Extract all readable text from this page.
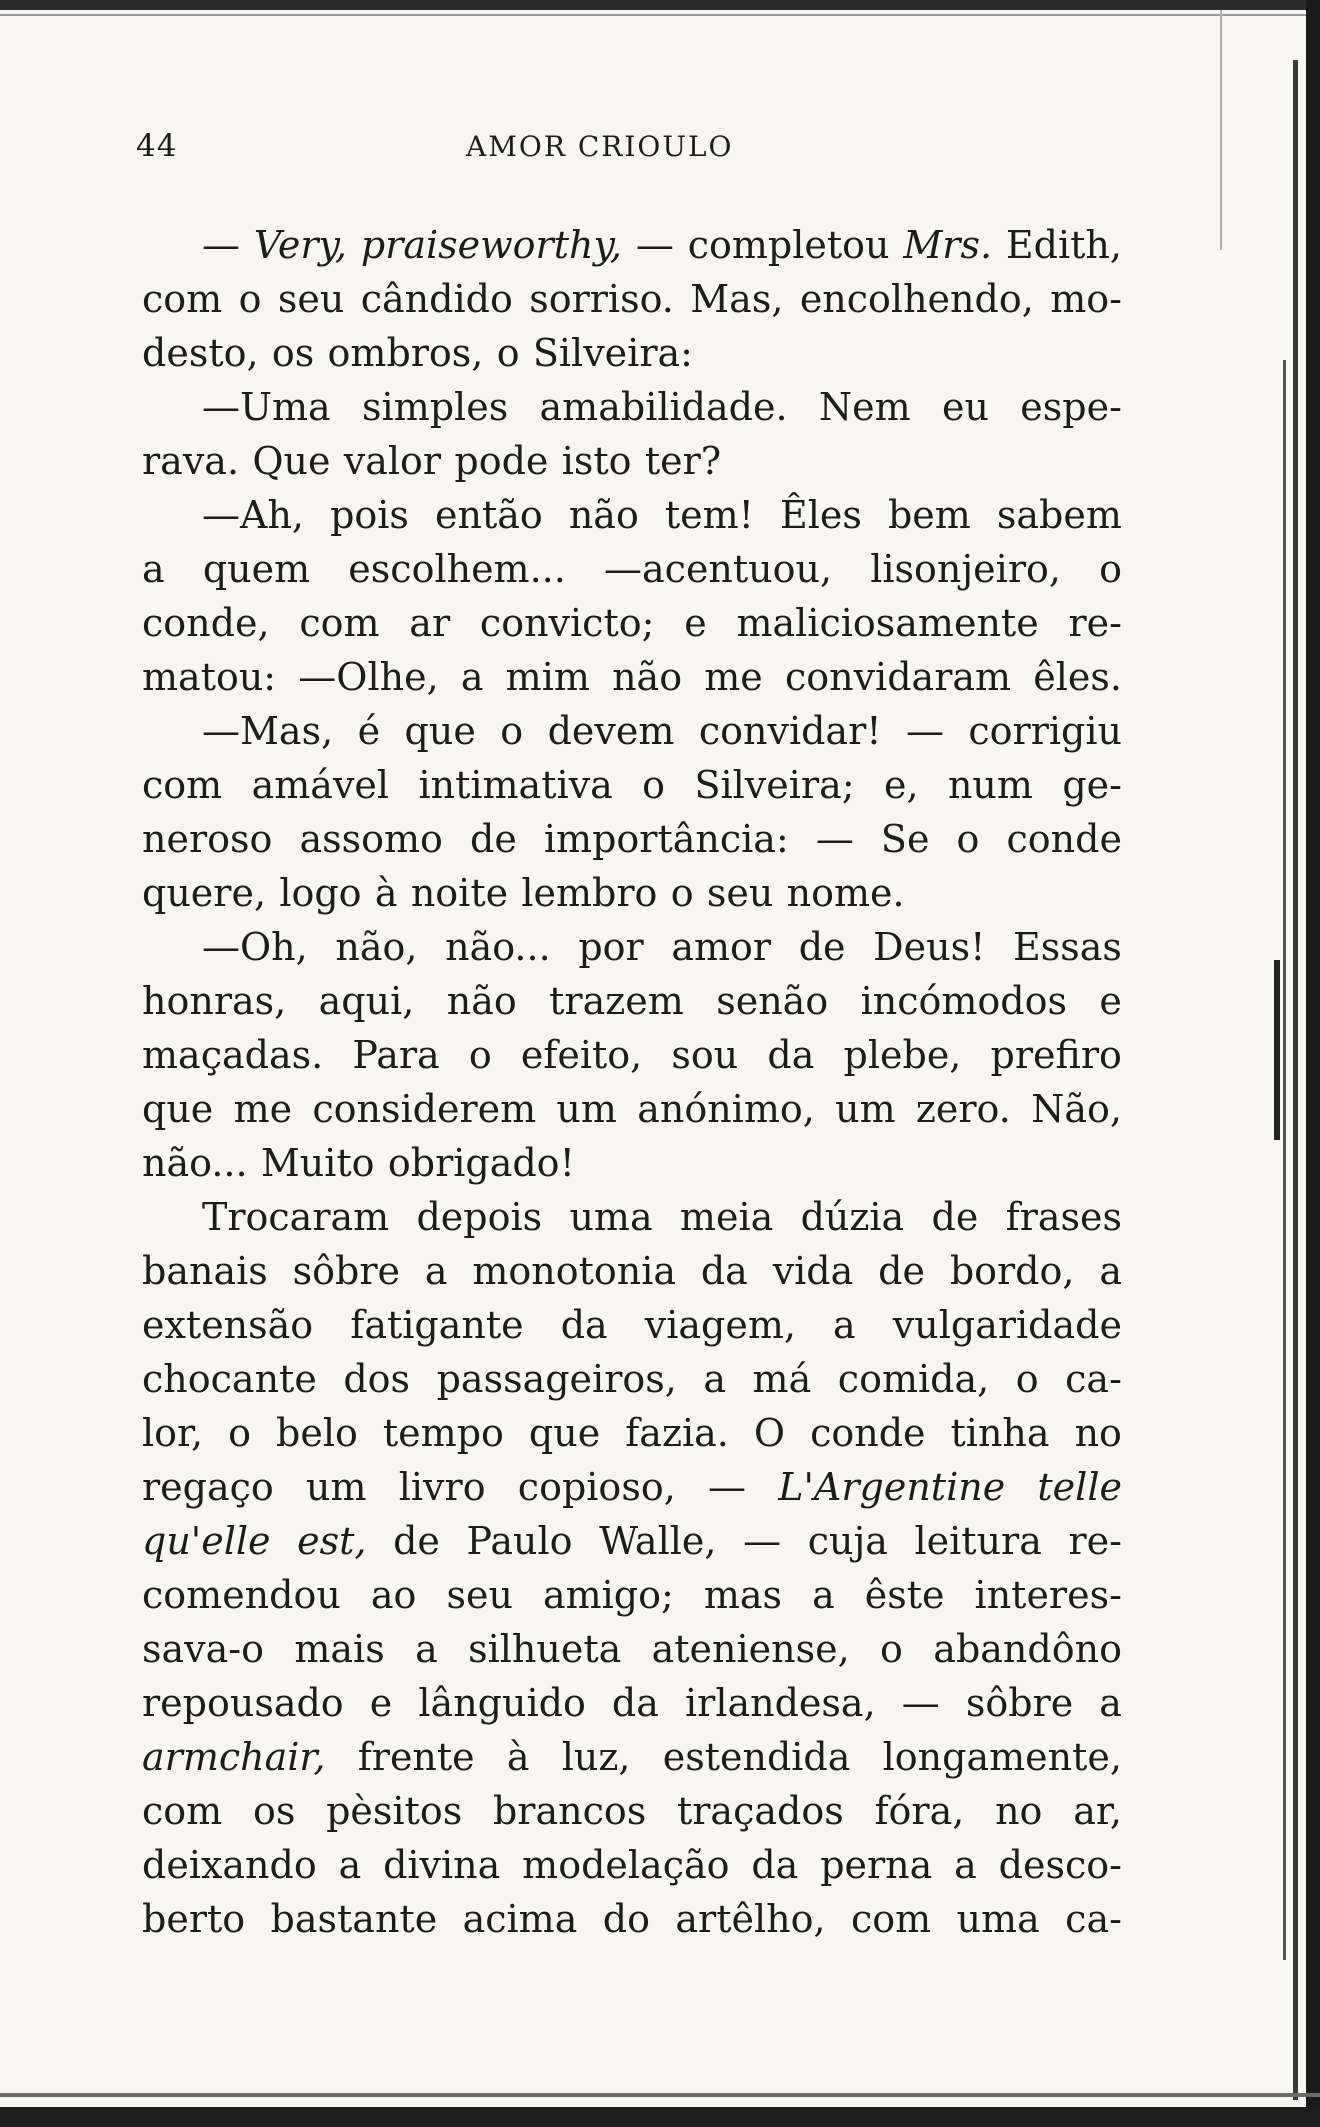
44	AMOR CRIOULO
— Very, praiseworthy, — completou Mrs. Edith,
com o seu cândido sorriso. Mas, encolhendo, mo-
desto, os ombros, o Silveira:
—Uma simples amabilidade. Nem eu espe-
rava. Que valor pode isto ter?
—Ah, pois então não tem! Êles bem sabem
a quem escolhem... —acentuou, lisonjeiro, o
conde, com ar convicto; e maliciosamente re-
matou: —Olhe, a mim não me convidaram êles.
—Mas, é que o devem convidar! — corrigiu
com amável intimativa o Silveira; e, num ge-
neroso assomo de importância: — Se o conde
quere, logo à noite lembro o seu nome.
—Oh, não, não... por amor de Deus! Essas
honras, aqui, não trazem senão incómodos e
maçadas. Para o efeito, sou da plebe, prefiro
que me considerem um anónimo, um zero. Não,
não... Muito obrigado!
Trocaram depois uma meia dúzia de frases
banais sôbre a monotonia da vida de bordo, a
extensão fatigante da viagem, a vulgaridade
chocante dos passageiros, a má comida, o ca-
lor, o belo tempo que fazia. O conde tinha no
regaço um livro copioso, — L'Argentine telle
qu'elle est, de Paulo Walle, — cuja leitura re-
comendou ao seu amigo; mas a êste interes-
sava-o mais a silhueta ateniense, o abandôno
repousado e lânguido da irlandesa, — sôbre a
armchair, frente à luz, estendida longamente,
com os pèsitos brancos traçados fóra, no ar,
deixando a divina modelação da perna a desco-
berto bastante acima do artêlho, com uma ca-
